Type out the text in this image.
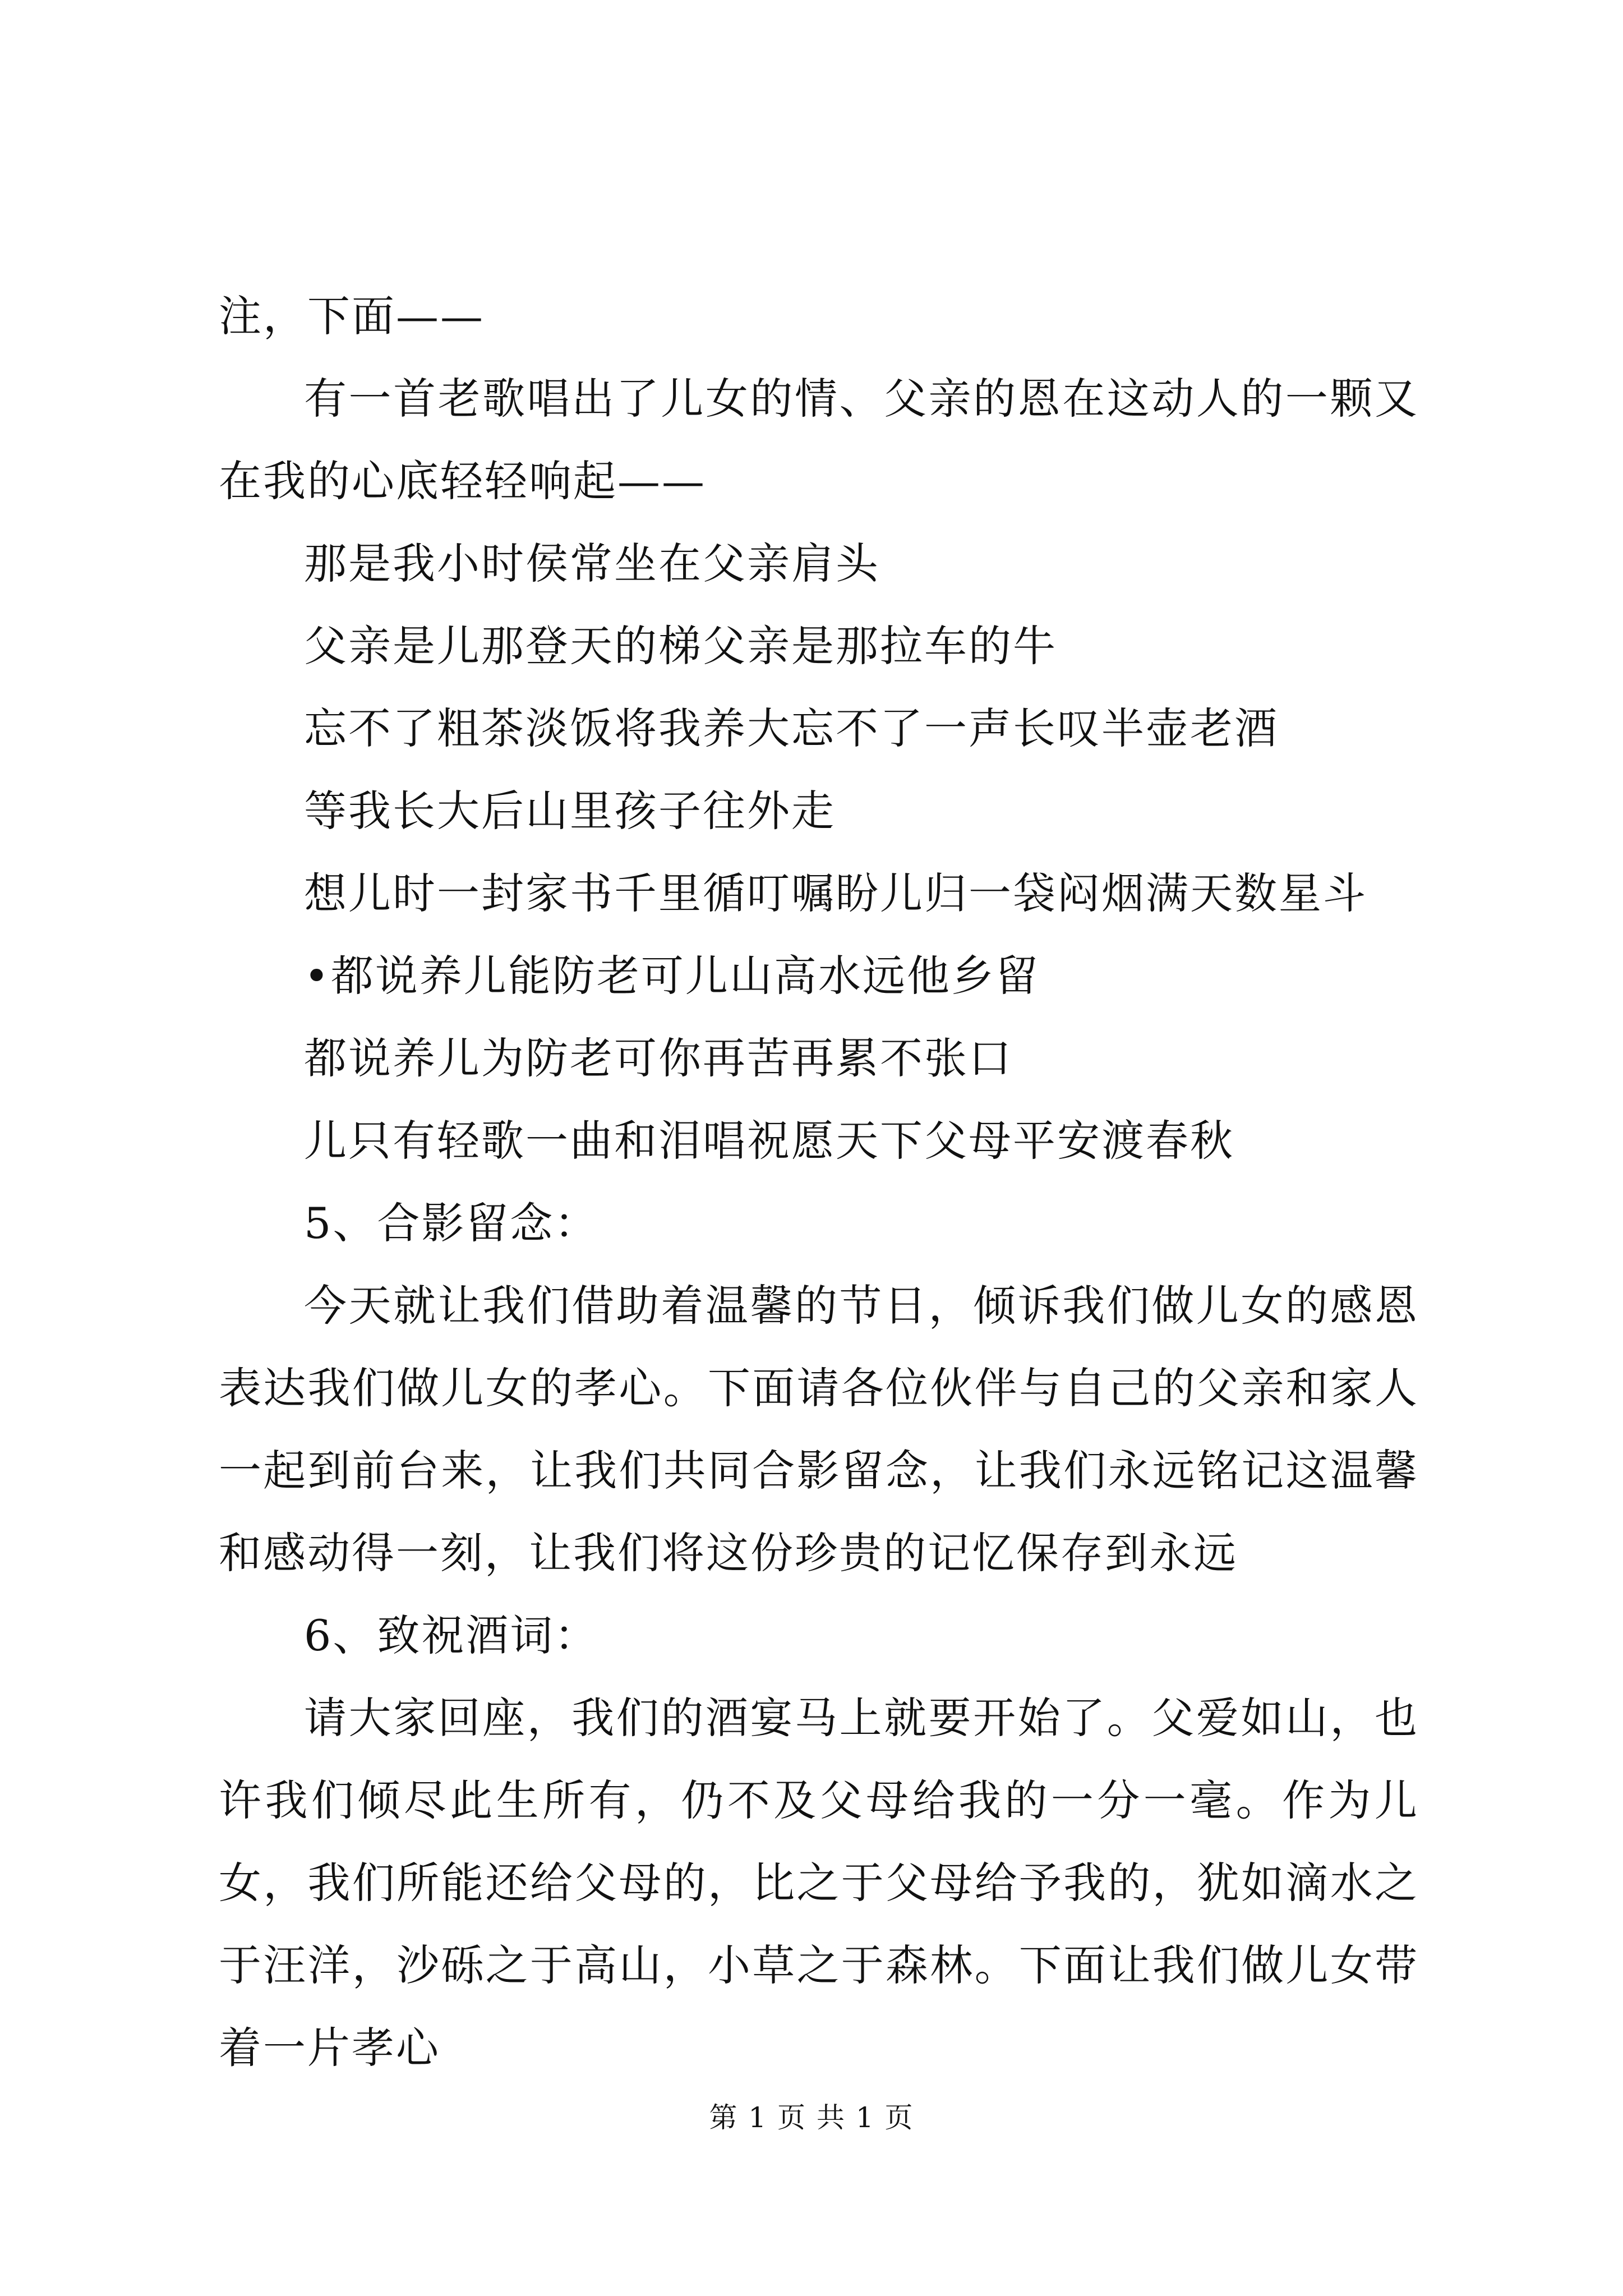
注，下面——

有一首老歌唱出了儿女的情、父亲的恩在这动人的一颗又在我的心底轻轻响起——

那是我小时侯常坐在父亲肩头

父亲是儿那登天的梯父亲是那拉车的牛

忘不了粗茶淡饭将我养大忘不了一声长叹半壶老酒

等我长大后山里孩子往外走

想儿时一封家书千里循叮嘱盼儿归一袋闷烟满天数星斗

•都说养儿能防老可儿山高水远他乡留

都说养儿为防老可你再苦再累不张口

儿只有轻歌一曲和泪唱祝愿天下父母平安渡春秋

5、合影留念：

今天就让我们借助着温馨的节日，倾诉我们做儿女的感恩表达我们做儿女的孝心。下面请各位伙伴与自己的父亲和家人一起到前台来，让我们共同合影留念，让我们永远铭记这温馨和感动得一刻，让我们将这份珍贵的记忆保存到永远

6、致祝酒词：

请大家回座，我们的酒宴马上就要开始了。父爱如山，也许我们倾尽此生所有，仍不及父母给我的一分一毫。作为儿女，我们所能还给父母的，比之于父母给予我的，犹如滴水之于汪洋，沙砾之于高山，小草之于森林。下面让我们做儿女带着一片孝心

第 1 页 共 1 页
